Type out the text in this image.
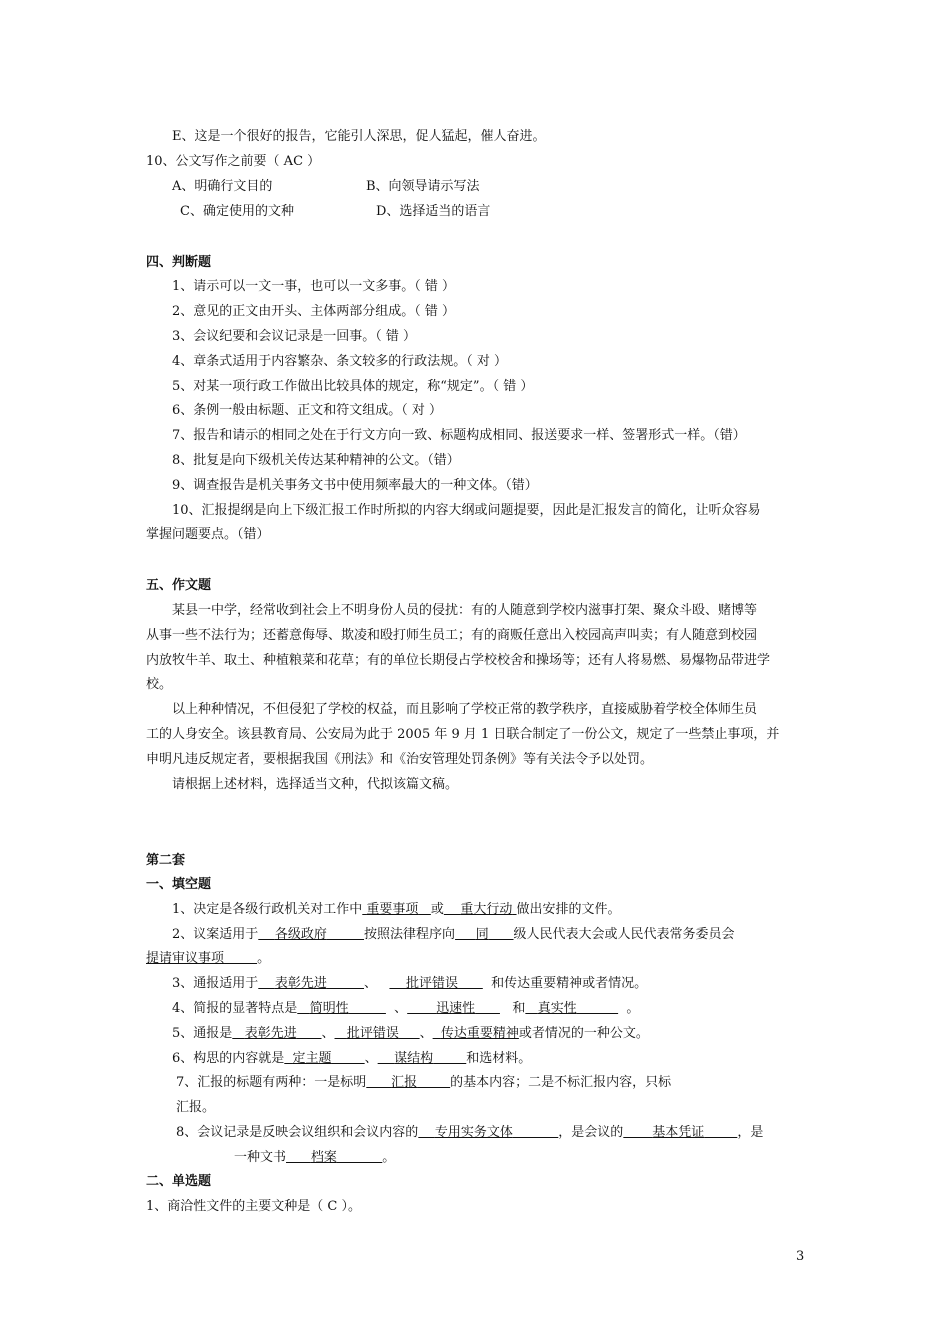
E、这是一个很好的报告，它能引人深思，促人猛起，催人奋进。
10、公文写作之前要（ AC ）
A、明确行文目的	B、向领导请示写法
C、确定使用的文种	D、选择适当的语言
四、判断题
1、请示可以一文一事，也可以一文多事。（ 错 ）
2、意见的正文由开头、主体两部分组成。（ 错 ）
3、会议纪要和会议记录是一回事。（ 错 ）
4、章条式适用于内容繁杂、条文较多的行政法规。（ 对 ）
5、对某一项行政工作做出比较具体的规定，称“规定”。（ 错 ）
6、条例一般由标题、正文和符文组成。（ 对 ）
7、报告和请示的相同之处在于行文方向一致、标题构成相同、报送要求一样、签署形式一样。（错）
8、批复是向下级机关传达某种精神的公文。（错）
9、调查报告是机关事务文书中使用频率最大的一种文体。（错）
10、汇报提纲是向上下级汇报工作时所拟的内容大纲或问题提要，因此是汇报发言的简化，让听众容易
掌握问题要点。（错）
五、作文题
某县一中学，经常收到社会上不明身份人员的侵扰：有的人随意到学校内滋事打架、聚众斗殴、赌博等
从事一些不法行为；还蓄意侮辱、欺凌和殴打师生员工；有的商贩任意出入校园高声叫卖；有人随意到校园
内放牧牛羊、取土、种植粮菜和花草；有的单位长期侵占学校校舍和操场等；还有人将易燃、易爆物品带进学
校。
以上种种情况，不但侵犯了学校的权益，而且影响了学校正常的教学秩序，直接威胁着学校全体师生员
工的人身安全。该县教育局、公安局为此于 2005 年 9 月 1 日联合制定了一份公文，规定了一些禁止事项，并
申明凡违反规定者，要根据我国《刑法》和《治安管理处罚条例》等有关法令予以处罚。
请根据上述材料，选择适当文种，代拟该篇文稿。
第二套
一、填空题
1、决定是各级行政机关对工作中 重要事项 或 重大行动 做出安排的文件。
2、议案适用于 各级政府	按照法律程序向 同 级人民代表大会或人民代表常务委员会
提请审议事项	。
3、通报适用于 表彰先进	、 批评错误	和传达重要精神或者情况。
4、简报的显著特点是 简明性	、 迅速性	和 真实性	。
5、通报是 表彰先进 、 批评错误 、 传达重要精神或者情况的一种公文。
6、构思的内容就是 定主题	、 谋结构	和选材料。
7、汇报的标题有两种：一是标明 汇报	的基本内容；二是不标汇报内容，只标
汇报。
8、会议记录是反映会议组织和会议内容的 专用实务文体	，是会议的 基本凭证	，是
一种文书 档案	。
二、单选题
1、商洽性文件的主要文种是（ C ）。
3
